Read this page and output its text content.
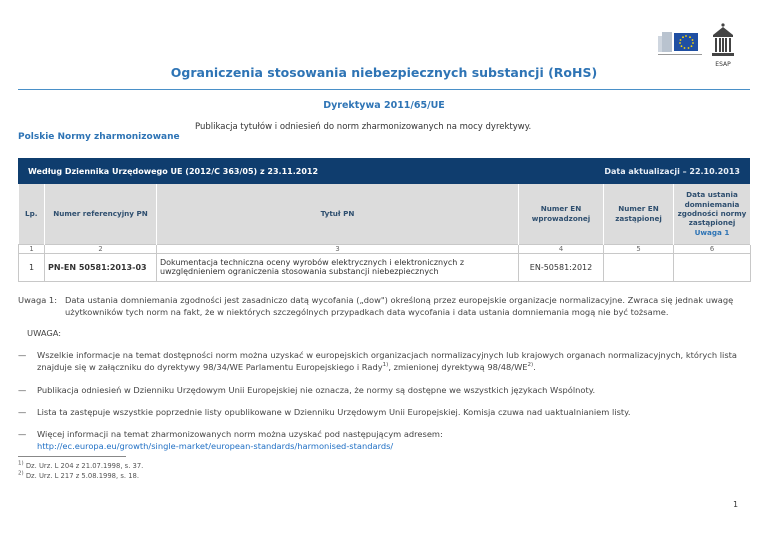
ESAP
Ograniczenia stosowania niebezpiecznych substancji (RoHS)
Dyrektywa 2011/65/UE
Publikacja tytułów i odniesień do norm zharmonizowanych na mocy dyrektywy.
Polskie Normy zharmonizowane
Według Dziennika Urzędowego UE (2012/C 363/05) z 23.11.2012	Data aktualizacji – 22.10.2013
Lp.	Numer referencyjny PN	Tytuł PN	Numer EN wprowadzonej	Numer EN zastąpionej	Data ustania domniemania zgodności normy zastąpionej
Uwaga 1

1	2	3	4	5	6
1	PN-EN 50581:2013-03	Dokumentacja techniczna oceny wyrobów elektrycznych i elektronicznych z uwzględnieniem ograniczenia stosowania substancji niebezpiecznych	EN-50581:2012		
Uwaga 1: Data ustania domniemania zgodności jest zasadniczo datą wycofania („dow") określoną przez europejskie organizacje normalizacyjne. Zwraca się jednak uwagę użytkowników tych norm na fakt, że w niektórych szczególnych przypadkach data wycofania i data ustania domniemania mogą nie być tożsame.
UWAGA:
—	Wszelkie informacje na temat dostępności norm można uzyskać w europejskich organizacjach normalizacyjnych lub krajowych organach normalizacyjnych, których lista znajduje się w załączniku do dyrektywy 98/34/WE Parlamentu Europejskiego i Rady$^{1)}$, zmienionej dyrektywą 98/48/WE$^{2)}$.
—	Publikacja odniesień w Dzienniku Urzędowym Unii Europejskiej nie oznacza, że normy są dostępne we wszystkich językach Wspólnoty.
—	Lista ta zastępuje wszystkie poprzednie listy opublikowane w Dzienniku Urzędowym Unii Europejskiej. Komisja czuwa nad uaktualnianiem listy.
—	Więcej informacji na temat zharmonizowanych norm można uzyskać pod następującym adresem:
http://ec.europa.eu/growth/single-market/european-standards/harmonised-standards/
$^{1)}$ Dz. Urz. L 204 z 21.07.1998, s. 37.
$^{2)}$ Dz. Urz. L 217 z 5.08.1998, s. 18.
1
